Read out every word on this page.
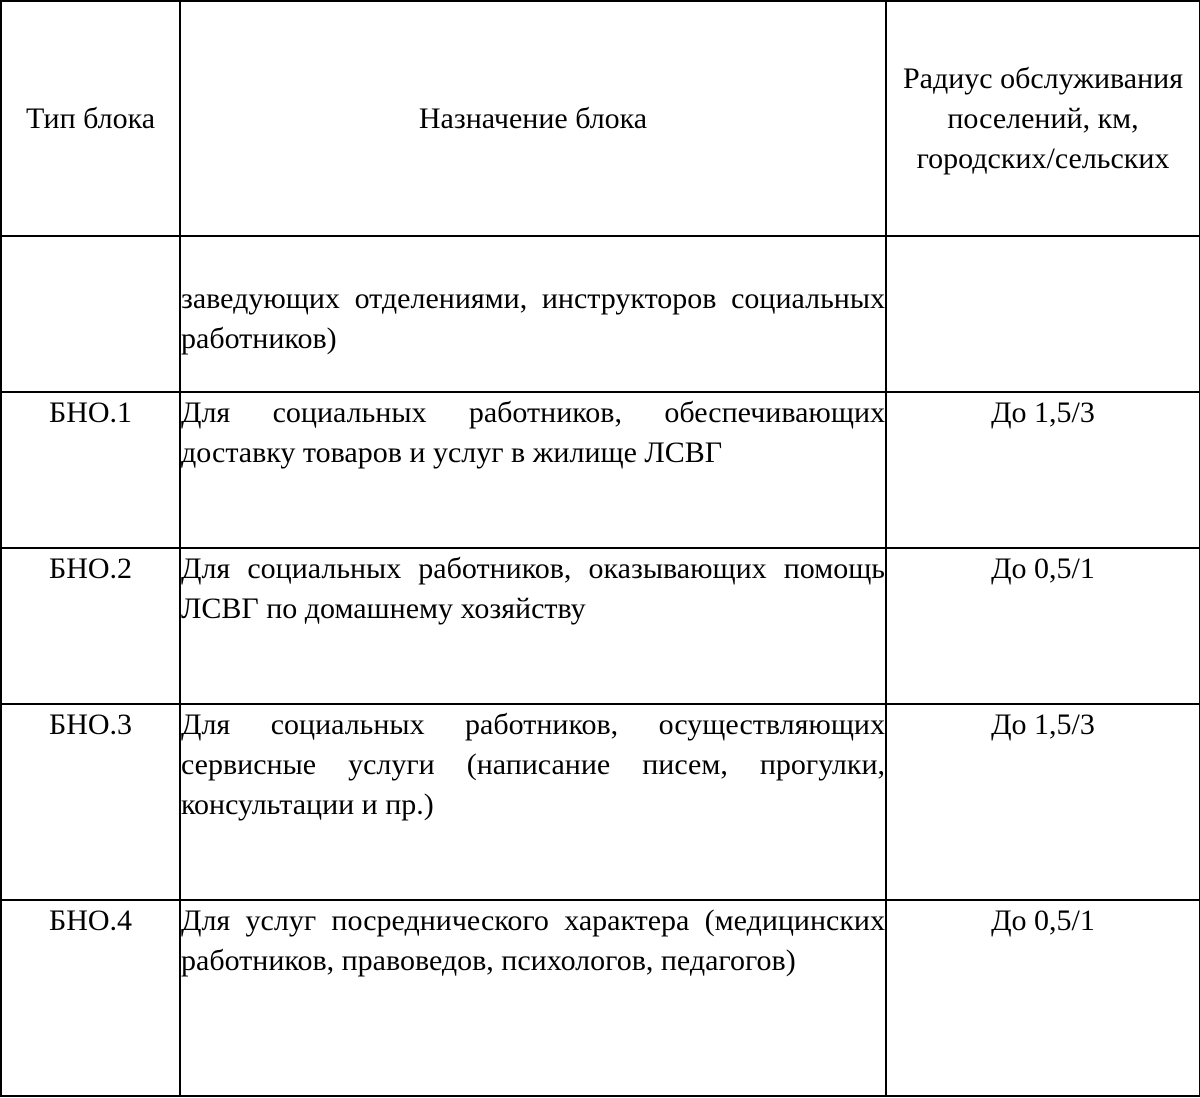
Тип блока	Назначение блока	Радиус обслуживания поселений, км, городских/сельских
	заведующих отделениями, инструкторов социальных работников)	
БНО.1	Для социальных работников, обеспечивающих доставку товаров и услуг в жилище ЛСВГ	До 1,5/3
БНО.2	Для социальных работников, оказывающих помощь ЛСВГ по домашнему хозяйству	До 0,5/1
БНО.3	Для социальных работников, осуществляющих сервисные услуги (написание писем, прогулки, консультации и пр.)	До 1,5/3
БНО.4	Для услуг посреднического характера (медицинских работников, правоведов, психологов, педагогов)	До 0,5/1
